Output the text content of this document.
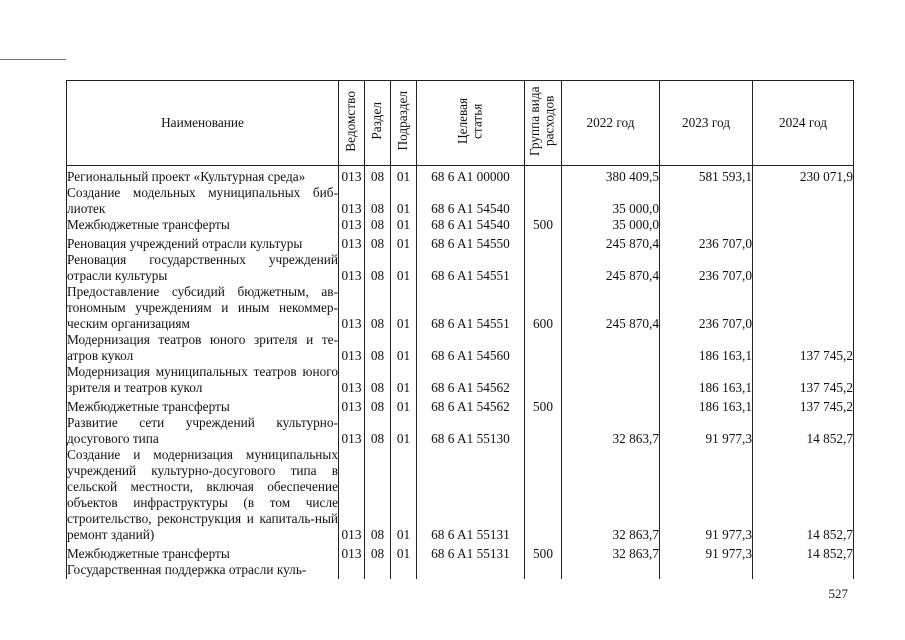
Наименование	Ведомство	Раздел	Подраздел	Целевая статья	Группа вида расходов	2022 год	2023 год	2024 год
Региональный проект «Культурная среда»	013	08	01	68 6 A1 00000		380 409,5	581 593,1	230 071,9
Создание модельных муниципальных биб-лиотек	013	08	01	68 6 A1 54540		35 000,0		
Межбюджетные трансферты	013	08	01	68 6 A1 54540	500	35 000,0		
Реновация учреждений отрасли культуры	013	08	01	68 6 A1 54550		245 870,4	236 707,0	
Реновация государственных учреждений отрасли культуры	013	08	01	68 6 A1 54551		245 870,4	236 707,0	
Предоставление субсидий бюджетным, ав-тономным учреждениям и иным некоммер-ческим организациям	013	08	01	68 6 A1 54551	600	245 870,4	236 707,0	
Модернизация театров юного зрителя и те-атров кукол	013	08	01	68 6 A1 54560			186 163,1	137 745,2
Модернизация муниципальных театров юного зрителя и театров кукол	013	08	01	68 6 A1 54562			186 163,1	137 745,2
Межбюджетные трансферты	013	08	01	68 6 A1 54562	500		186 163,1	137 745,2
Развитие сети учреждений культурно-досугового типа	013	08	01	68 6 A1 55130		32 863,7	91 977,3	14 852,7
Создание и модернизация муниципальных учреждений культурно-досугового типа в сельской местности, включая обеспечение объектов инфраструктуры (в том числе строительство, реконструкция и капиталь-ный ремонт зданий)	013	08	01	68 6 A1 55131		32 863,7	91 977,3	14 852,7
Межбюджетные трансферты	013	08	01	68 6 A1 55131	500	32 863,7	91 977,3	14 852,7
Государственная поддержка отрасли куль-								
527
